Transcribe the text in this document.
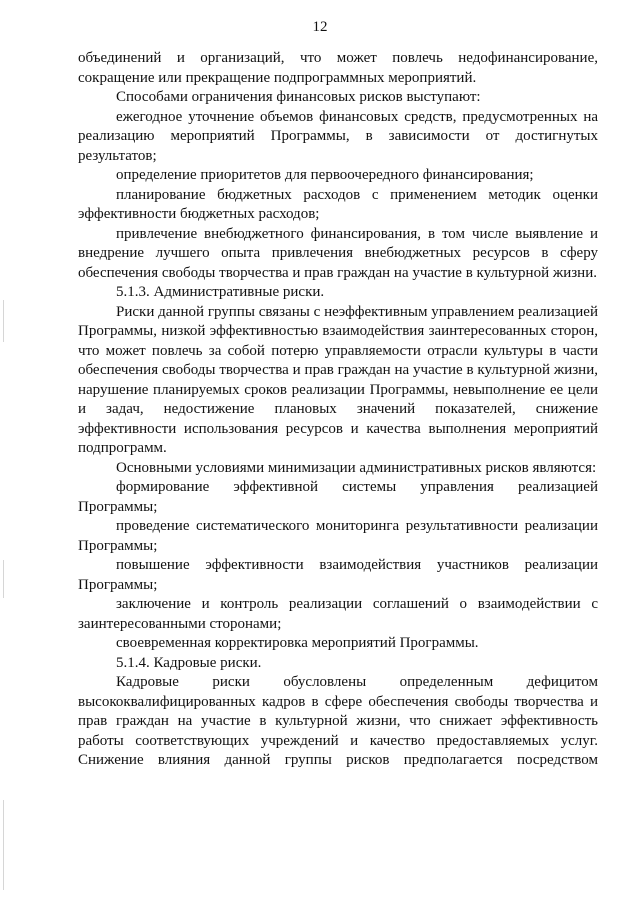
12

объединений и организаций, что может повлечь недофинансирование, сокращение или прекращение подпрограммных мероприятий.

Способами ограничения финансовых рисков выступают:

ежегодное уточнение объемов финансовых средств, предусмотренных на реализацию мероприятий Программы, в зависимости от достигнутых результатов;

определение приоритетов для первоочередного финансирования;

планирование бюджетных расходов с применением методик оценки эффективности бюджетных расходов;

привлечение внебюджетного финансирования, в том числе выявление и внедрение лучшего опыта привлечения внебюджетных ресурсов в сферу обеспечения свободы творчества и прав граждан на участие в культурной жизни.

5.1.3. Административные риски.

Риски данной группы связаны с неэффективным управлением реализацией Программы, низкой эффективностью взаимодействия заинтересованных сторон, что может повлечь за собой потерю управляемости отрасли культуры в части обеспечения свободы творчества и прав граждан на участие в культурной жизни, нарушение планируемых сроков реализации Программы, невыполнение ее цели и задач, недостижение плановых значений показателей, снижение эффективности использования ресурсов и качества выполнения мероприятий подпрограмм.

Основными условиями минимизации административных рисков являются:

формирование эффективной системы управления реализацией Программы;

проведение систематического мониторинга результативности реализации Программы;

повышение эффективности взаимодействия участников реализации Программы;

заключение и контроль реализации соглашений о взаимодействии с заинтересованными сторонами;

своевременная корректировка мероприятий Программы.

5.1.4. Кадровые риски.

Кадровые риски обусловлены определенным дефицитом высококвалифицированных кадров в сфере обеспечения свободы творчества и прав граждан на участие в культурной жизни, что снижает эффективность работы соответствующих учреждений и качество предоставляемых услуг. Снижение влияния данной группы рисков предполагается посредством
